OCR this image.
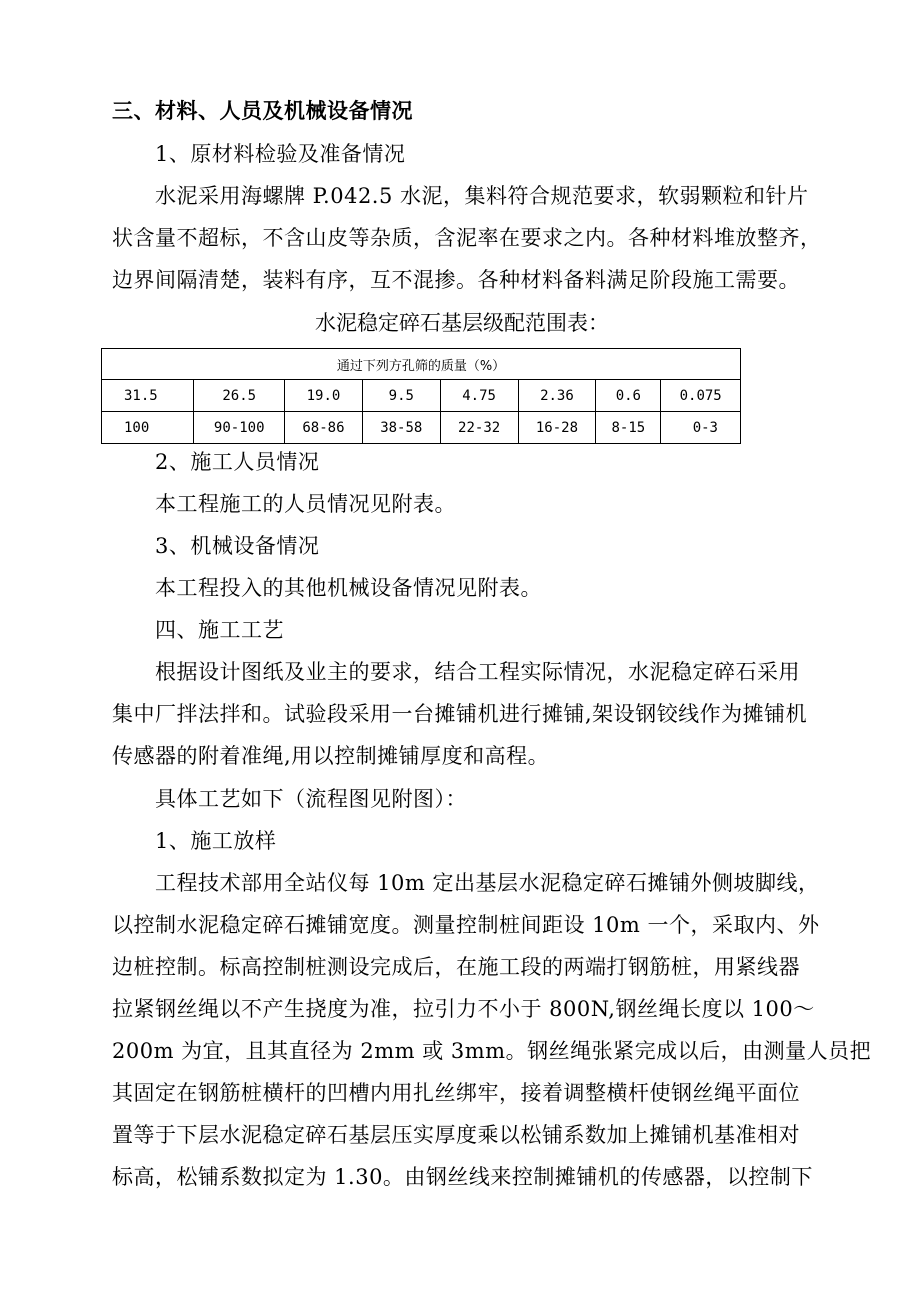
三、材料、人员及机械设备情况
1、原材料检验及准备情况
水泥采用海螺牌 P.042.5 水泥，集料符合规范要求，软弱颗粒和针片
状含量不超标，不含山皮等杂质，含泥率在要求之内。各种材料堆放整齐，
边界间隔清楚，装料有序，互不混掺。各种材料备料满足阶段施工需要。
水泥稳定碎石基层级配范围表：
通过下列方孔筛的质量（%）							
31.5	26.5	19.0	9.5	4.75	2.36	0.6	0.075
100	90-100	68-86	38-58	22-32	16-28	8-15	0-3
2、施工人员情况
本工程施工的人员情况见附表。
3、机械设备情况
本工程投入的其他机械设备情况见附表。
四、施工工艺
根据设计图纸及业主的要求，结合工程实际情况，水泥稳定碎石采用
集中厂拌法拌和。试验段采用一台摊铺机进行摊铺,架设钢铰线作为摊铺机
传感器的附着准绳,用以控制摊铺厚度和高程。
具体工艺如下（流程图见附图）：
1、施工放样
工程技术部用全站仪每 10m 定出基层水泥稳定碎石摊铺外侧坡脚线，
以控制水泥稳定碎石摊铺宽度。测量控制桩间距设 10m 一个，采取内、外
边桩控制。标高控制桩测设完成后，在施工段的两端打钢筋桩，用紧线器
拉紧钢丝绳以不产生挠度为准，拉引力不小于 800N,钢丝绳长度以 100～
200m 为宜，且其直径为 2mm 或 3mm。钢丝绳张紧完成以后，由测量人员把
其固定在钢筋桩横杆的凹槽内用扎丝绑牢，接着调整横杆使钢丝绳平面位
置等于下层水泥稳定碎石基层压实厚度乘以松铺系数加上摊铺机基准相对
标高，松铺系数拟定为 1.30。由钢丝线来控制摊铺机的传感器，以控制下
